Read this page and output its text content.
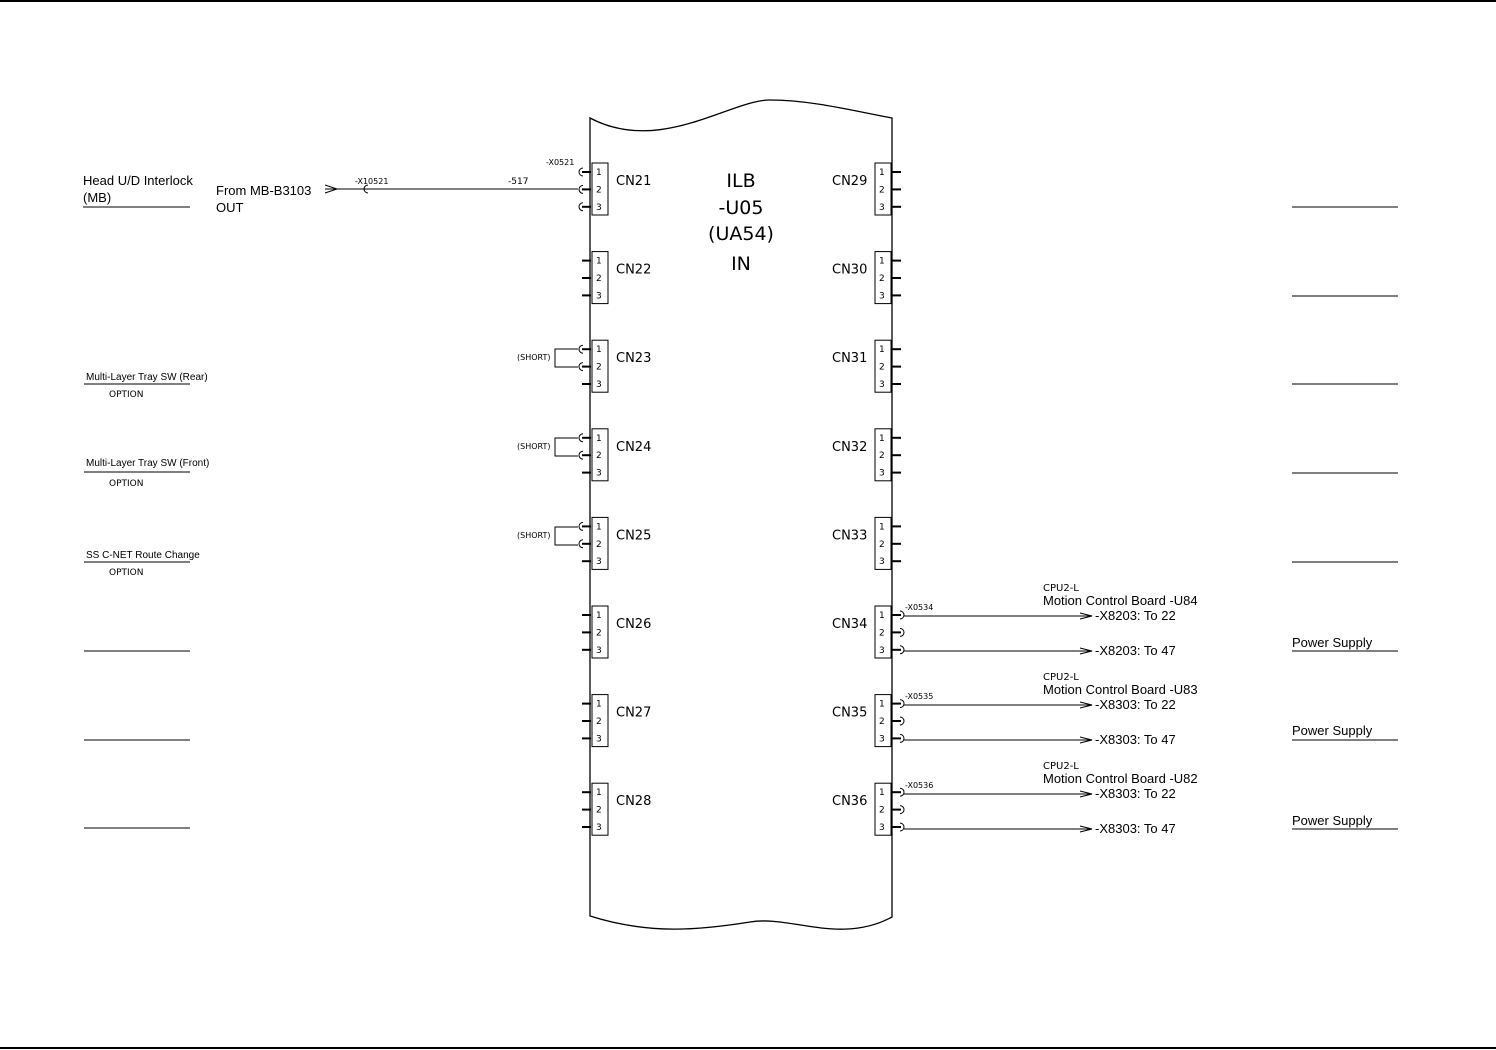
ILB
-U05
(UA54)
IN
CN21
1
2
3
CN22
1
2
3
CN23
1
2
3
CN24
1
2
3
CN25
1
2
3
CN26
1
2
3
CN27
1
2
3
CN28
1
2
3
CN29
1
2
3
CN30
1
2
3
CN31
1
2
3
CN32
1
2
3
CN33
1
2
3
CN34
1
2
3
CN35
1
2
3
CN36
1
2
3
Head U/D Interlock
(MB)	From MB-B3103
OUT
-X10521	-517
-X0521
Multi-Layer Tray SW (Rear)
OPTION
Multi-Layer Tray SW (Front)
OPTION
SS C-NET Route Change
OPTION
(SHORT)
(SHORT)
(SHORT)
-X0534
CPU2-L
Motion Control Board -U84
-X8203: To 22
-X8203: To 47
Power Supply
-X0535
CPU2-L
Motion Control Board -U83
-X8303: To 22
-X8303: To 47
Power Supply
-X0536
CPU2-L
Motion Control Board -U82
-X8303: To 22
-X8303: To 47
Power Supply
